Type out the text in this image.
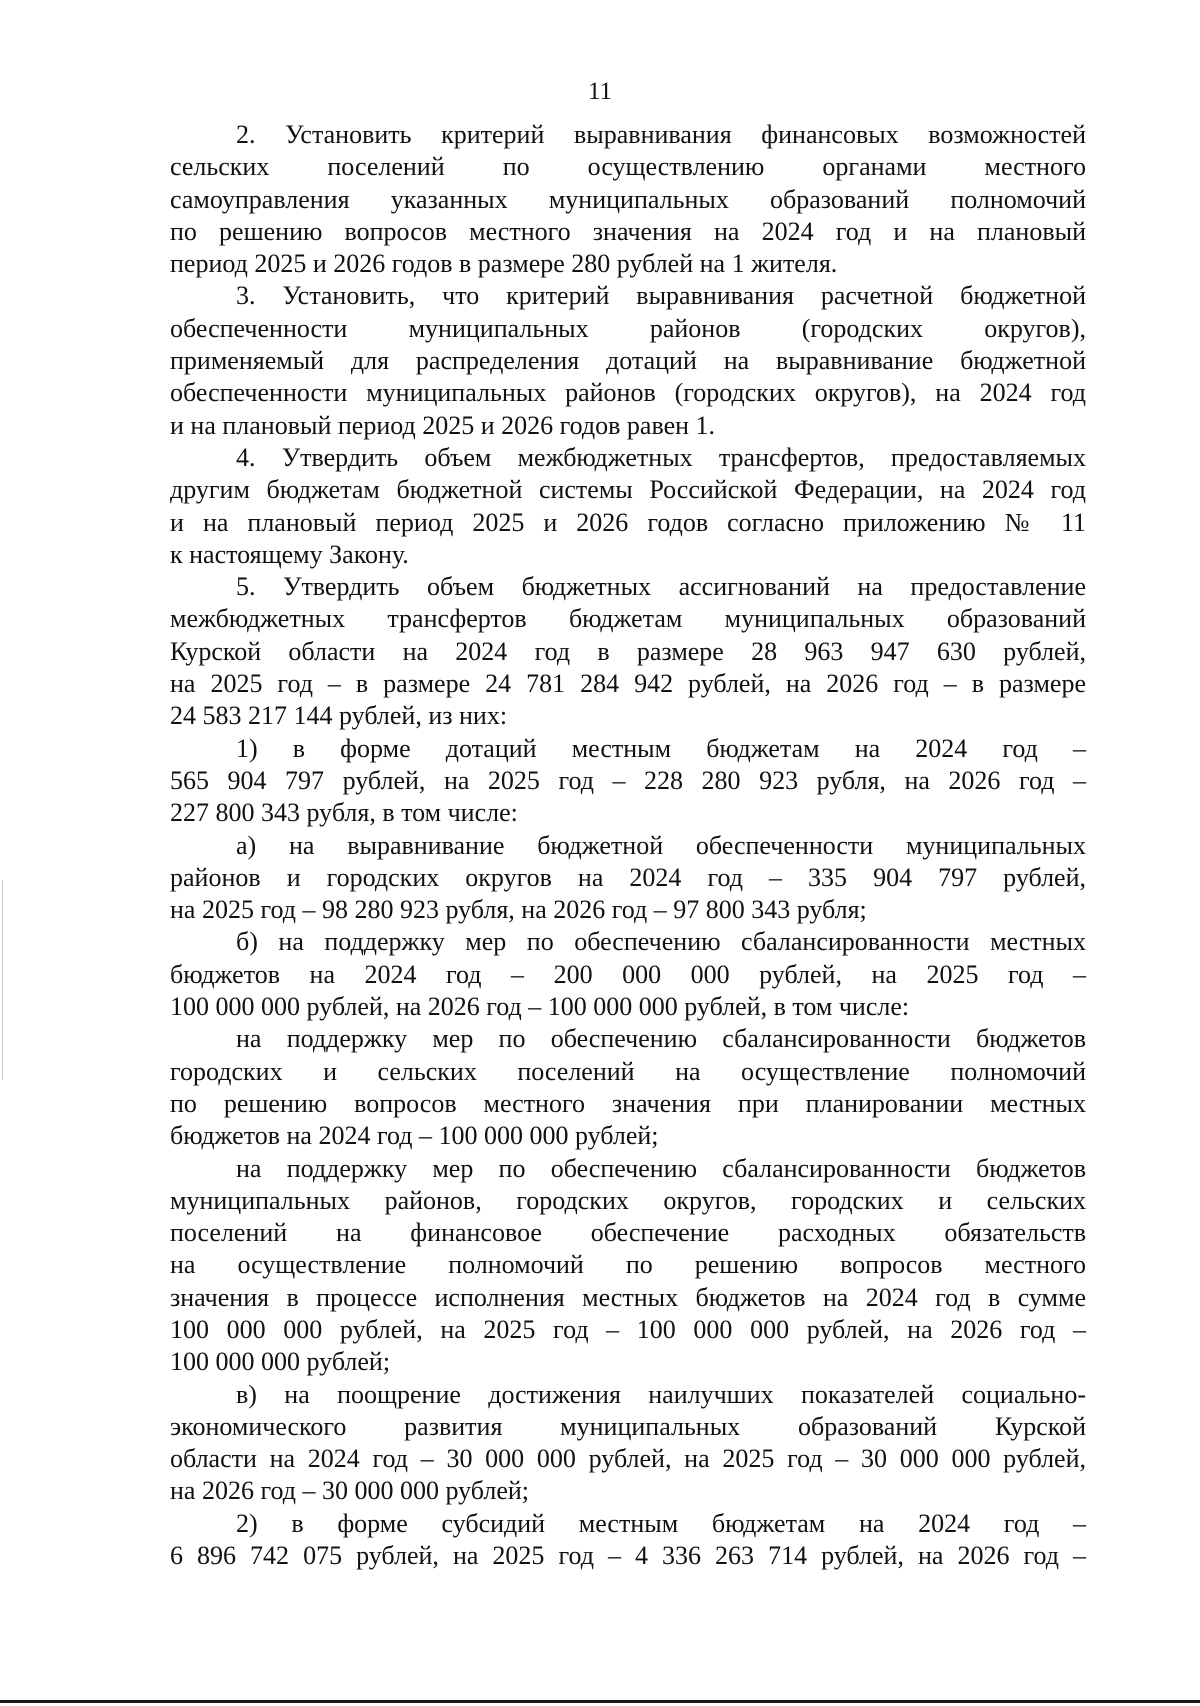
11
2. Установить критерий выравнивания финансовых возможностей
сельских поселений по осуществлению органами местного
самоуправления указанных муниципальных образований полномочий
по решению вопросов местного значения на 2024 год и на плановый
период 2025 и 2026 годов в размере 280 рублей на 1 жителя.
3. Установить, что критерий выравнивания расчетной бюджетной
обеспеченности муниципальных районов (городских округов),
применяемый для распределения дотаций на выравнивание бюджетной
обеспеченности муниципальных районов (городских округов), на 2024 год
и на плановый период 2025 и 2026 годов равен 1.
4. Утвердить объем межбюджетных трансфертов, предоставляемых
другим бюджетам бюджетной системы Российской Федерации, на 2024 год
и на плановый период 2025 и 2026 годов согласно приложению № 11
к настоящему Закону.
5. Утвердить объем бюджетных ассигнований на предоставление
межбюджетных трансфертов бюджетам муниципальных образований
Курской области на 2024 год в размере 28 963 947 630 рублей,
на 2025 год – в размере 24 781 284 942 рублей, на 2026 год – в размере
24 583 217 144 рублей, из них:
1) в форме дотаций местным бюджетам на 2024 год –
565 904 797 рублей, на 2025 год – 228 280 923 рубля, на 2026 год –
227 800 343 рубля, в том числе:
а) на выравнивание бюджетной обеспеченности муниципальных
районов и городских округов на 2024 год – 335 904 797 рублей,
на 2025 год – 98 280 923 рубля, на 2026 год – 97 800 343 рубля;
б) на поддержку мер по обеспечению сбалансированности местных
бюджетов на 2024 год – 200 000 000 рублей, на 2025 год –
100 000 000 рублей, на 2026 год – 100 000 000 рублей, в том числе:
на поддержку мер по обеспечению сбалансированности бюджетов
городских и сельских поселений на осуществление полномочий
по решению вопросов местного значения при планировании местных
бюджетов на 2024 год – 100 000 000 рублей;
на поддержку мер по обеспечению сбалансированности бюджетов
муниципальных районов, городских округов, городских и сельских
поселений на финансовое обеспечение расходных обязательств
на осуществление полномочий по решению вопросов местного
значения в процессе исполнения местных бюджетов на 2024 год в сумме
100 000 000 рублей, на 2025 год – 100 000 000 рублей, на 2026 год –
100 000 000 рублей;
в) на поощрение достижения наилучших показателей социально-
экономического развития муниципальных образований Курской
области на 2024 год – 30 000 000 рублей, на 2025 год – 30 000 000 рублей,
на 2026 год – 30 000 000 рублей;
2) в форме субсидий местным бюджетам на 2024 год –
6 896 742 075 рублей, на 2025 год – 4 336 263 714 рублей, на 2026 год –
